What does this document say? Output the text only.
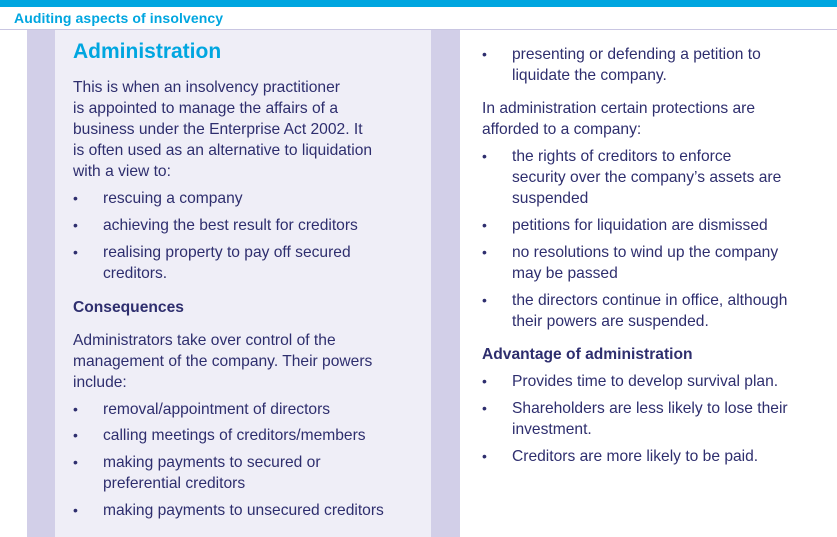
Auditing aspects of insolvency
Administration

This is when an insolvency practitioner
is appointed to manage the affairs of a
business under the Enterprise Act 2002. It
is often used as an alternative to liquidation
with a view to:

•	rescuing a company
•	achieving the best result for creditors
•	realising property to pay off secured
creditors.
Consequences

Administrators take over control of the
management of the company. Their powers
include:

•	removal/appointment of directors
•	calling meetings of creditors/members
•	making payments to secured or
preferential creditors
•	making payments to unsecured creditors
•	presenting or defending a petition to
liquidate the company.

In administration certain protections are
afforded to a company:

•	the rights of creditors to enforce
security over the company’s assets are
suspended
•	petitions for liquidation are dismissed
•	no resolutions to wind up the company
may be passed
•	the directors continue in office, although
their powers are suspended.
Advantage of administration
•	Provides time to develop survival plan.
•	Shareholders are less likely to lose their
investment.
•	Creditors are more likely to be paid.
